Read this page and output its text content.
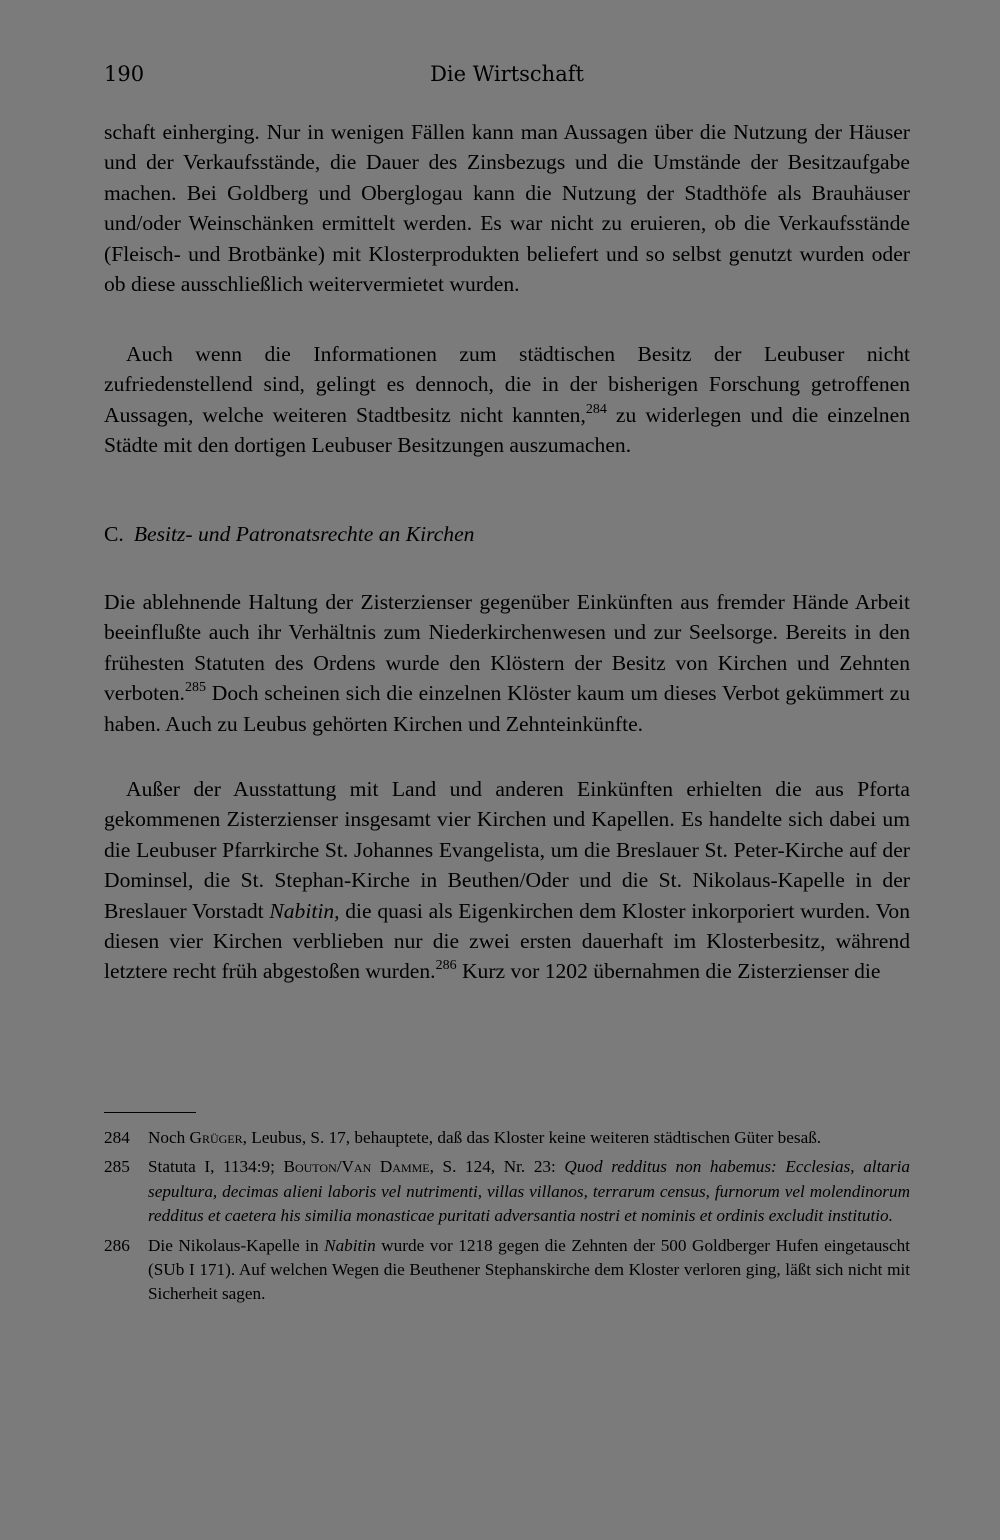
190	Die Wirtschaft

schaft einherging. Nur in wenigen Fällen kann man Aussagen über die Nutzung der Häuser und der Verkaufsstände, die Dauer des Zinsbezugs und die Umstände der Besitzaufgabe machen. Bei Goldberg und Oberglogau kann die Nutzung der Stadthöfe als Brauhäuser und/oder Weinschänken ermittelt werden. Es war nicht zu eruieren, ob die Verkaufsstände (Fleisch- und Brotbänke) mit Klosterprodukten beliefert und so selbst genutzt wurden oder ob diese ausschließlich weitervermietet wurden.

Auch wenn die Informationen zum städtischen Besitz der Leubuser nicht zufriedenstellend sind, gelingt es dennoch, die in der bisherigen Forschung getroffenen Aussagen, welche weiteren Stadtbesitz nicht kannten,$^{284}$ zu widerlegen und die einzelnen Städte mit den dortigen Leubuser Besitzungen auszumachen.

C. Besitz- und Patronatsrechte an Kirchen

Die ablehnende Haltung der Zisterzienser gegenüber Einkünften aus fremder Hände Arbeit beeinflußte auch ihr Verhältnis zum Niederkirchenwesen und zur Seelsorge. Bereits in den frühesten Statuten des Ordens wurde den Klöstern der Besitz von Kirchen und Zehnten verboten.$^{285}$ Doch scheinen sich die einzelnen Klöster kaum um dieses Verbot gekümmert zu haben. Auch zu Leubus gehörten Kirchen und Zehnteinkünfte.

Außer der Ausstattung mit Land und anderen Einkünften erhielten die aus Pforta gekommenen Zisterzienser insgesamt vier Kirchen und Kapellen. Es handelte sich dabei um die Leubuser Pfarrkirche St. Johannes Evangelista, um die Breslauer St. Peter-Kirche auf der Dominsel, die St. Stephan-Kirche in Beuthen/Oder und die St. Nikolaus-Kapelle in der Breslauer Vorstadt Nabitin, die quasi als Eigenkirchen dem Kloster inkorporiert wurden. Von diesen vier Kirchen verblieben nur die zwei ersten dauerhaft im Klosterbesitz, während letztere recht früh abgestoßen wurden.$^{286}$ Kurz vor 1202 übernahmen die Zisterzienser die

284 Noch Grüger, Leubus, S. 17, behauptete, daß das Kloster keine weiteren städtischen Güter besaß.
285 Statuta I, 1134:9; Bouton/Van Damme, S. 124, Nr. 23: Quod redditus non habemus: Ecclesias, altaria sepultura, decimas alieni laboris vel nutrimenti, villas villanos, terrarum census, furnorum vel molendinorum redditus et caetera his similia monasticae puritati adversantia nostri et nominis et ordinis excludit institutio.
286 Die Nikolaus-Kapelle in Nabitin wurde vor 1218 gegen die Zehnten der 500 Goldberger Hufen eingetauscht (SUb I 171). Auf welchen Wegen die Beuthener Stephanskirche dem Kloster verloren ging, läßt sich nicht mit Sicherheit sagen.
